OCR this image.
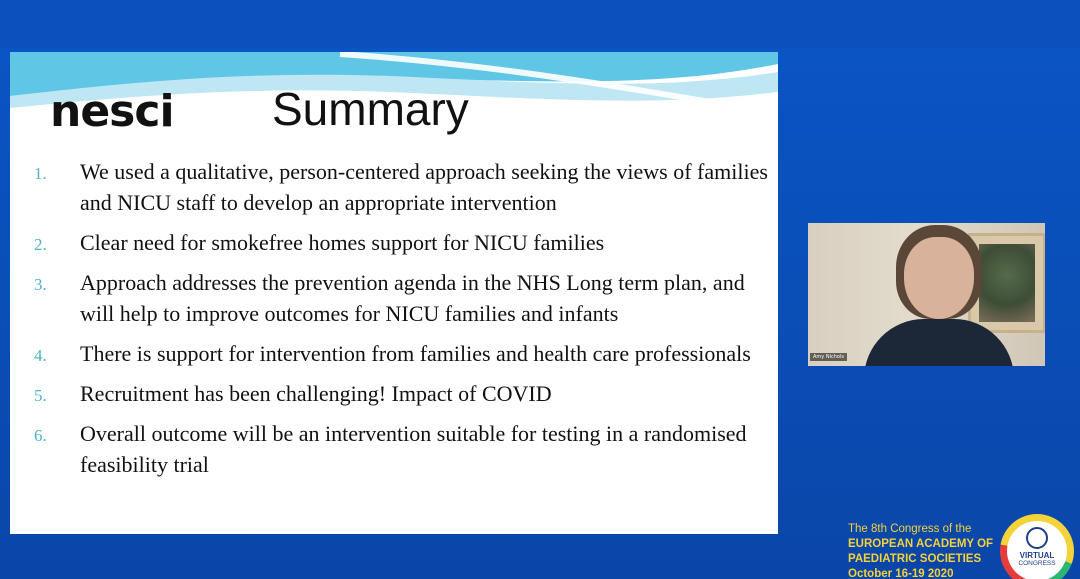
nesci Summary
1.	We used a qualitative, person-centered approach seeking the views of families and NICU staff to develop an appropriate intervention
2.	Clear need for smokefree homes support for NICU families
3.	Approach addresses the prevention agenda in the NHS Long term plan, and will help to improve outcomes for NICU families and infants
4.	There is support for intervention from families and health care professionals
5.	Recruitment has been challenging! Impact of COVID
6.	Overall outcome will be an intervention suitable for testing in a randomised feasibility trial
Amy Nichols
The 8th Congress of the
EUROPEAN ACADEMY OF
PAEDIATRIC SOCIETIES
October 16-19 2020
VIRTUAL
CONGRESS
